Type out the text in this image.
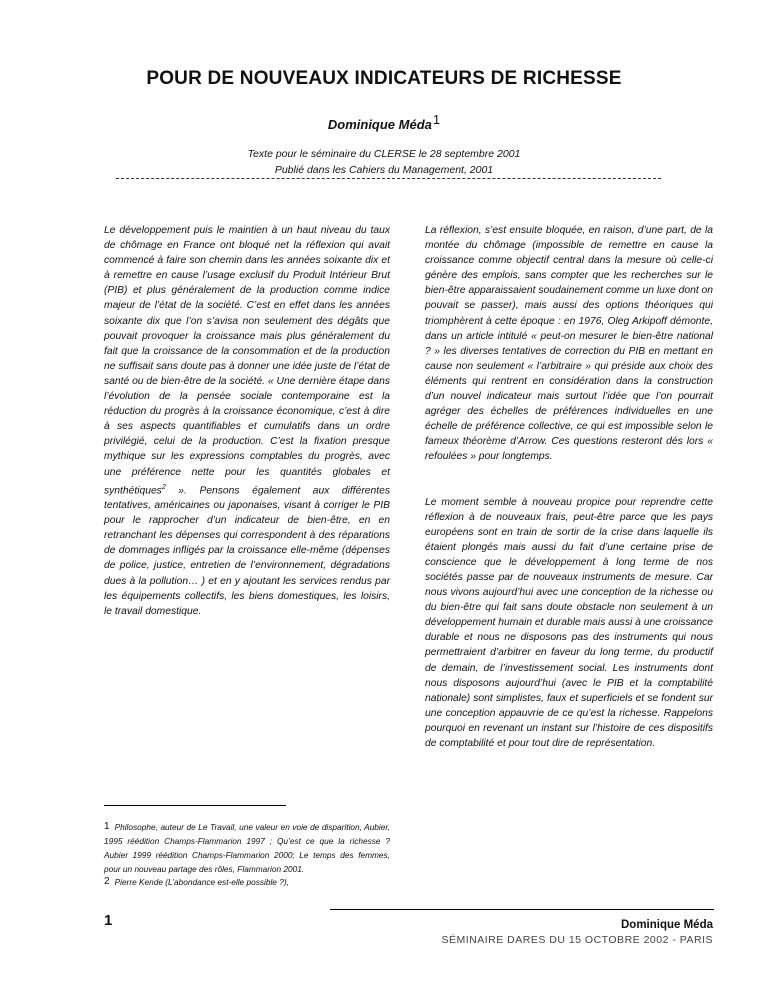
POUR DE NOUVEAUX INDICATEURS DE RICHESSE
Dominique Méda$^1$
Texte pour le séminaire du CLERSE le 28 septembre 2001
Publié dans les Cahiers du Management, 2001

Le développement puis le maintien à un haut niveau du taux de chômage en France ont bloqué net la réflexion qui avait commencé à faire son chemin dans les années soixante dix et à remettre en cause l’usage exclusif du Produit Intérieur Brut (PIB) et plus généralement de la production comme indice majeur de l’état de la société. C’est en effet dans les années soixante dix que l’on s’avisa non seulement des dégâts que pouvait provoquer la croissance mais plus généralement du fait que la croissance de la consommation et de la production ne suffisait sans doute pas à donner une idée juste de l’état de santé ou de bien-être de la société. « Une dernière étape dans l’évolution de la pensée sociale contemporaine est la réduction du progrès à la croissance économique, c’est à dire à ses aspects quantifiables et cumulatifs dans un ordre privilégié, celui de la production. C’est la fixation presque mythique sur les expressions comptables du progrès, avec une préférence nette pour les quantités globales et synthétiques$^2$ ». Pensons également aux différentes tentatives, américaines ou japonaises, visant à corriger le PIB pour le rapprocher d’un indicateur de bien-être, en en retranchant les dépenses qui correspondent à des réparations de dommages infligés par la croissance elle-même (dépenses de police, justice, entretien de l’environnement, dégradations dues à la pollution… ) et en y ajoutant les services rendus par les équipements collectifs, les biens domestiques, les loisirs, le travail domestique.

La réflexion, s’est ensuite bloquée, en raison, d’une part, de la montée du chômage (impossible de remettre en cause la croissance comme objectif central dans la mesure où celle-ci génère des emplois, sans compter que les recherches sur le bien-être apparaissaient soudainement comme un luxe dont on pouvait se passer), mais aussi des options théoriques qui triomphèrent à cette époque : en 1976, Oleg Arkipoff démonte, dans un article intitulé « peut-on mesurer le bien-être national ? » les diverses tentatives de correction du PIB en mettant en cause non seulement « l’arbitraire » qui préside aux choix des éléments qui rentrent en considération dans la construction d’un nouvel indicateur mais surtout l’idée que l’on pourrait agréger des échelles de préférences individuelles en une échelle de préférence collective, ce qui est impossible selon le fameux théorème d’Arrow. Ces questions resteront dés lors « refoulées » pour longtemps.

Le moment semble à nouveau propice pour reprendre cette réflexion à de nouveaux frais, peut-être parce que les pays européens sont en train de sortir de la crise dans laquelle ils étaient plongés mais aussi du fait d’une certaine prise de conscience que le développement à long terme de nos sociétés passe par de nouveaux instruments de mesure. Car nous vivons aujourd’hui avec une conception de la richesse ou du bien-être qui fait sans doute obstacle non seulement à un développement humain et durable mais aussi à une croissance durable et nous ne disposons pas des instruments qui nous permettraient d’arbitrer en faveur du long terme, du productif de demain, de l’investissement social. Les instruments dont nous disposons aujourd’hui (avec le PIB et la comptabilité nationale) sont simplistes, faux et superficiels et se fondent sur une conception appauvrie de ce qu’est la richesse. Rappelons pourquoi en revenant un instant sur l’histoire de ces dispositifs de comptabilité et pour tout dire de représentation.

1 Philosophe, auteur de Le Travail, une valeur en voie de disparition, Aubier, 1995 réédition Champs-Flammarion 1997 ; Qu’est ce que la richesse ? Aubier 1999 réédition Champs-Flammarion 2000; Le temps des femmes, pour un nouveau partage des rôles, Flammarion 2001.
2 Pierre Kende (L’abondance est-elle possible ?),
1	Dominique Méda
SÉMINAIRE DARES DU 15 OCTOBRE 2002 - PARIS
